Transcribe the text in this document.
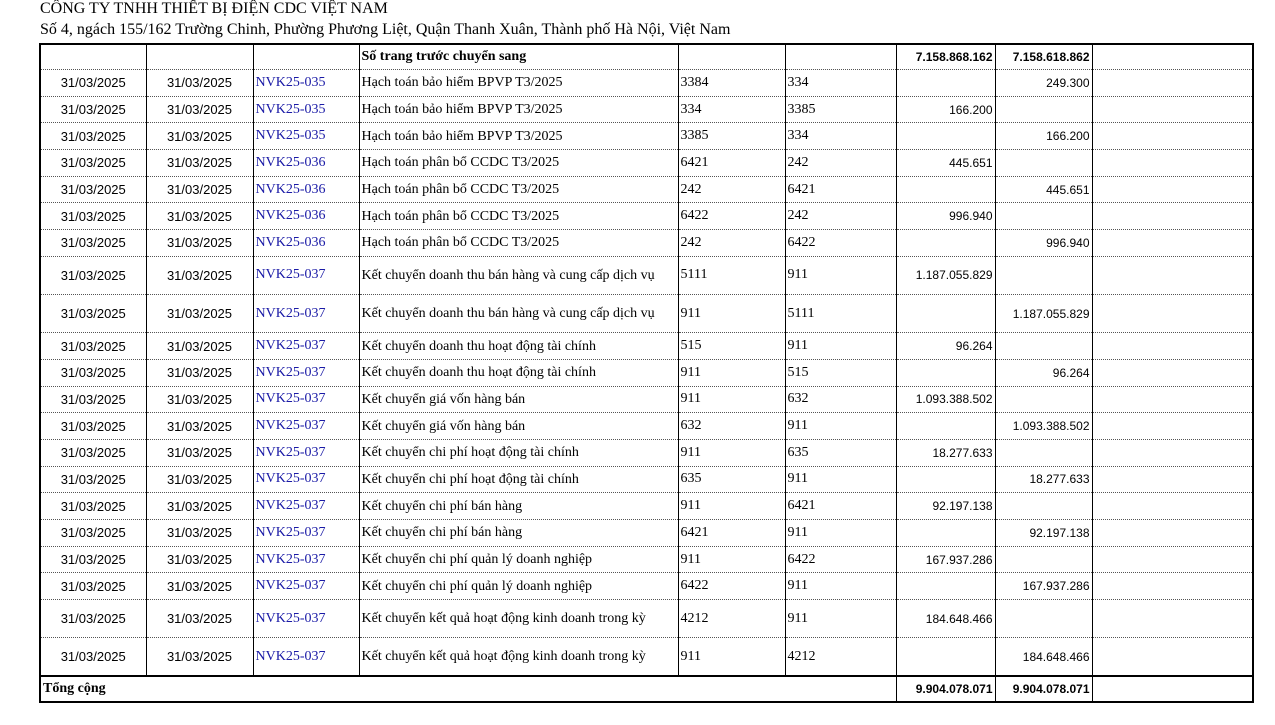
CÔNG TY TNHH THIẾT BỊ ĐIỆN CDC VIỆT NAM
Số 4, ngách 155/162 Trường Chinh, Phường Phương Liệt, Quận Thanh Xuân, Thành phố Hà Nội, Việt Nam
			Số trang trước chuyển sang			7.158.868.162	7.158.618.862	
31/03/2025	31/03/2025	NVK25-035	Hạch toán bảo hiểm BPVP T3/2025	3384	334		249.300	
31/03/2025	31/03/2025	NVK25-035	Hạch toán bảo hiểm BPVP T3/2025	334	3385	166.200		
31/03/2025	31/03/2025	NVK25-035	Hạch toán bảo hiểm BPVP T3/2025	3385	334		166.200	
31/03/2025	31/03/2025	NVK25-036	Hạch toán phân bổ CCDC T3/2025	6421	242	445.651		
31/03/2025	31/03/2025	NVK25-036	Hạch toán phân bổ CCDC T3/2025	242	6421		445.651	
31/03/2025	31/03/2025	NVK25-036	Hạch toán phân bổ CCDC T3/2025	6422	242	996.940		
31/03/2025	31/03/2025	NVK25-036	Hạch toán phân bổ CCDC T3/2025	242	6422		996.940	
31/03/2025	31/03/2025	NVK25-037	Kết chuyển doanh thu bán hàng và cung cấp dịch vụ	5111	911	1.187.055.829		
31/03/2025	31/03/2025	NVK25-037	Kết chuyển doanh thu bán hàng và cung cấp dịch vụ	911	5111		1.187.055.829	
31/03/2025	31/03/2025	NVK25-037	Kết chuyển doanh thu hoạt động tài chính	515	911	96.264		
31/03/2025	31/03/2025	NVK25-037	Kết chuyển doanh thu hoạt động tài chính	911	515		96.264	
31/03/2025	31/03/2025	NVK25-037	Kết chuyển giá vốn hàng bán	911	632	1.093.388.502		
31/03/2025	31/03/2025	NVK25-037	Kết chuyển giá vốn hàng bán	632	911		1.093.388.502	
31/03/2025	31/03/2025	NVK25-037	Kết chuyển chi phí hoạt động tài chính	911	635	18.277.633		
31/03/2025	31/03/2025	NVK25-037	Kết chuyển chi phí hoạt động tài chính	635	911		18.277.633	
31/03/2025	31/03/2025	NVK25-037	Kết chuyển chi phí bán hàng	911	6421	92.197.138		
31/03/2025	31/03/2025	NVK25-037	Kết chuyển chi phí bán hàng	6421	911		92.197.138	
31/03/2025	31/03/2025	NVK25-037	Kết chuyển chi phí quản lý doanh nghiệp	911	6422	167.937.286		
31/03/2025	31/03/2025	NVK25-037	Kết chuyển chi phí quản lý doanh nghiệp	6422	911		167.937.286	
31/03/2025	31/03/2025	NVK25-037	Kết chuyển kết quả hoạt động kinh doanh trong kỳ	4212	911	184.648.466		
31/03/2025	31/03/2025	NVK25-037	Kết chuyển kết quả hoạt động kinh doanh trong kỳ	911	4212		184.648.466	
Tổng cộng						9.904.078.071	9.904.078.071	
